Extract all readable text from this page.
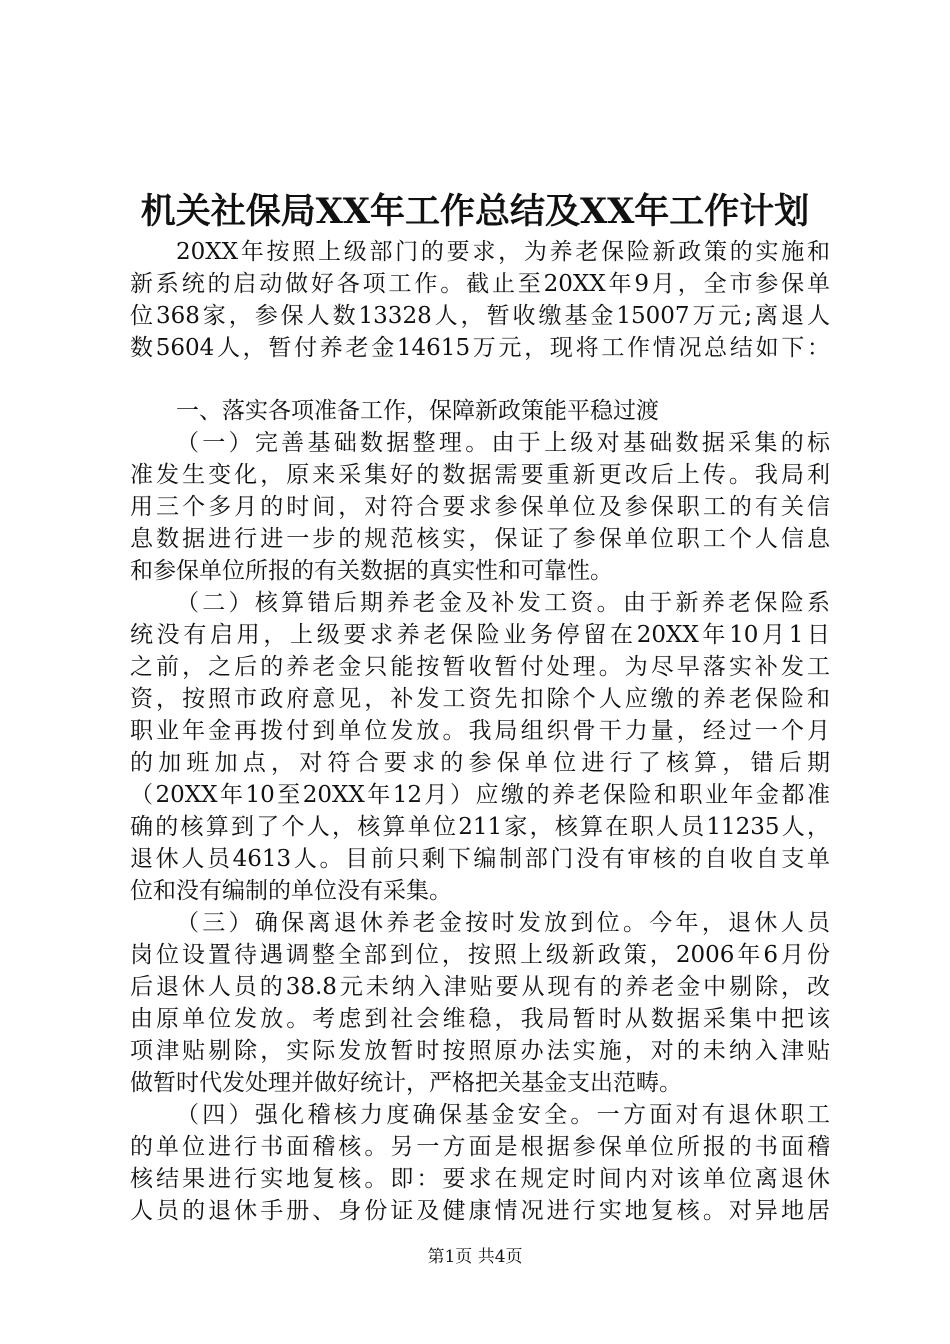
机关社保局XX年工作总结及XX年工作计划
20XX年按照上级部门的要求，为养老保险新政策的实施和
新系统的启动做好各项工作。截止至20XX年9月，全市参保单
位368家，参保人数13328人，暂收缴基金15007万元;离退人
数5604人，暂付养老金14615万元，现将工作情况总结如下：
一、落实各项准备工作，保障新政策能平稳过渡
（一）完善基础数据整理。由于上级对基础数据采集的标
准发生变化，原来采集好的数据需要重新更改后上传。我局利
用三个多月的时间，对符合要求参保单位及参保职工的有关信
息数据进行进一步的规范核实，保证了参保单位职工个人信息
和参保单位所报的有关数据的真实性和可靠性。
（二）核算错后期养老金及补发工资。由于新养老保险系
统没有启用，上级要求养老保险业务停留在20XX年10月1日
之前，之后的养老金只能按暂收暂付处理。为尽早落实补发工
资，按照市政府意见，补发工资先扣除个人应缴的养老保险和
职业年金再拨付到单位发放。我局组织骨干力量，经过一个月
的加班加点，对符合要求的参保单位进行了核算，错后期
（20XX年10至20XX年12月）应缴的养老保险和职业年金都准
确的核算到了个人，核算单位211家，核算在职人员11235人，
退休人员4613人。目前只剩下编制部门没有审核的自收自支单
位和没有编制的单位没有采集。
（三）确保离退休养老金按时发放到位。今年，退休人员
岗位设置待遇调整全部到位，按照上级新政策，2006年6月份
后退休人员的38.8元未纳入津贴要从现有的养老金中剔除，改
由原单位发放。考虑到社会维稳，我局暂时从数据采集中把该
项津贴剔除，实际发放暂时按照原办法实施，对的未纳入津贴
做暂时代发处理并做好统计，严格把关基金支出范畴。
（四）强化稽核力度确保基金安全。一方面对有退休职工
的单位进行书面稽核。另一方面是根据参保单位所报的书面稽
核结果进行实地复核。即：要求在规定时间内对该单位离退休
人员的退休手册、身份证及健康情况进行实地复核。对异地居
第1页 共4页
